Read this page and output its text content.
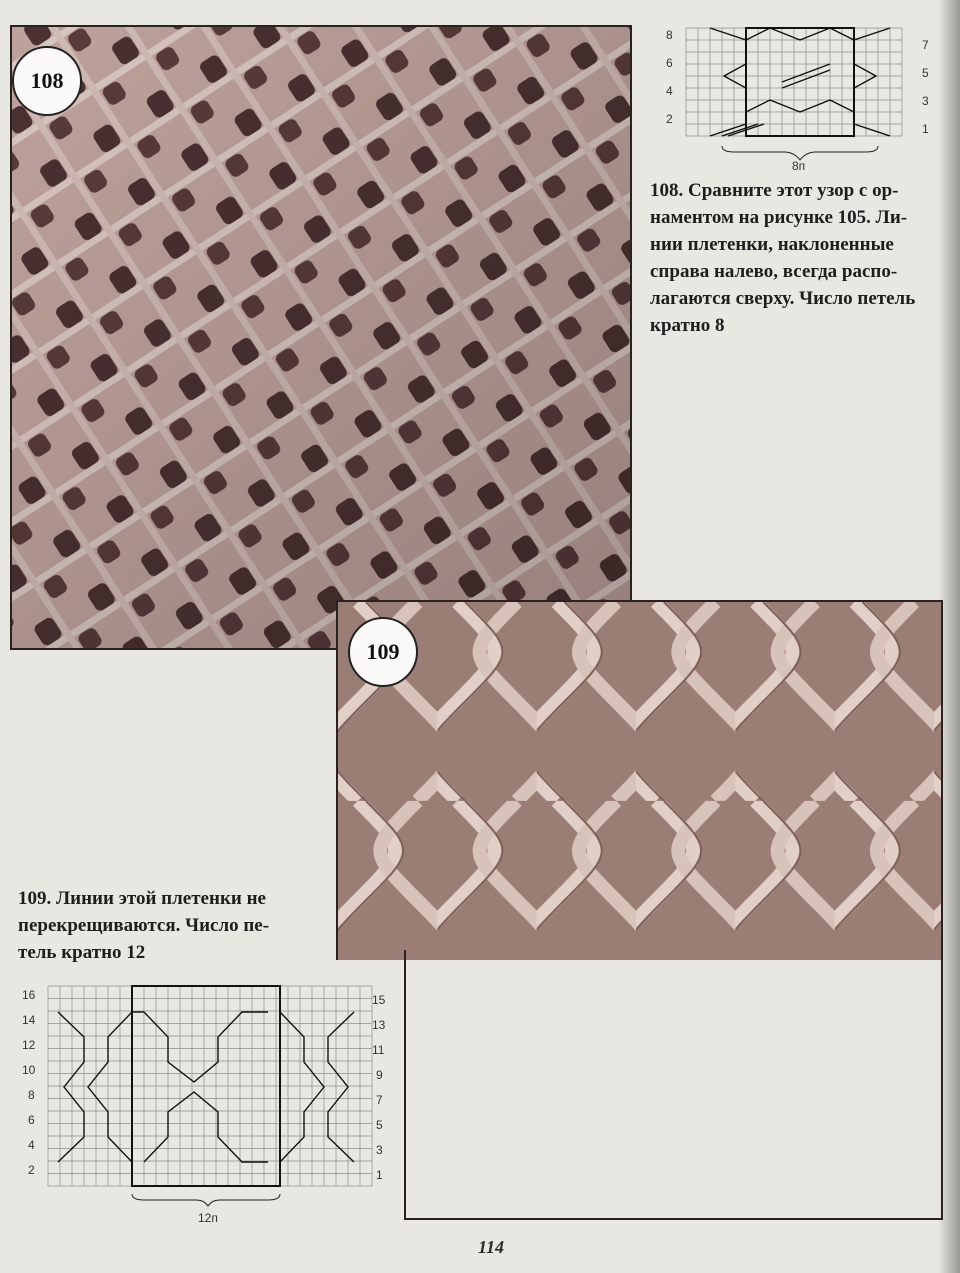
108
8
6
4
2
7
5
3
1
8п

108. Сравните этот узор с ор-
наментом на рисунке 105. Ли-
нии плетенки, наклоненные
справа налево, всегда распо-
лагаются сверху. Число петель
кратно 8

109

109. Линии этой плетенки не
перекрещиваются. Число пе-
тель кратно 12

16
14
12
10
8
6
4
2
15
13
11
9
7
5
3
1
12п
114
